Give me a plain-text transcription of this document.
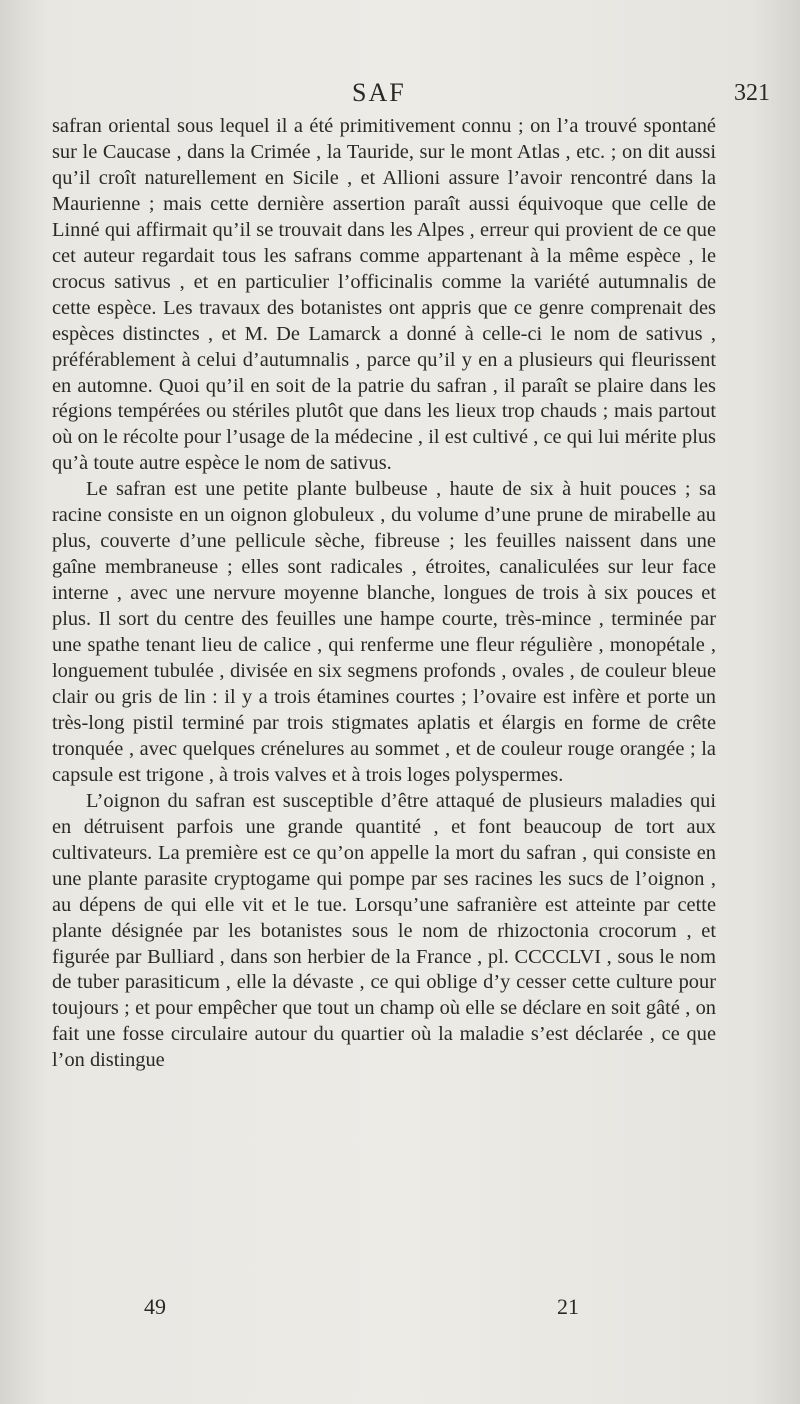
SAF	321

safran oriental sous lequel il a été primitivement connu ; on l’a trouvé spontané sur le Caucase , dans la Crimée , la Tauride, sur le mont Atlas , etc. ; on dit aussi qu’il croît naturellement en Sicile , et Allioni assure l’avoir rencontré dans la Maurienne ; mais cette dernière assertion paraît aussi équivoque que celle de Linné qui affirmait qu’il se trouvait dans les Alpes , erreur qui provient de ce que cet auteur regardait tous les safrans comme appartenant à la même espèce , le crocus sativus , et en particulier l’officinalis comme la variété autumnalis de cette espèce. Les travaux des botanistes ont appris que ce genre comprenait des espèces distinctes , et M. De Lamarck a donné à celle-ci le nom de sativus , préférablement à celui d’autumnalis , parce qu’il y en a plusieurs qui fleurissent en automne. Quoi qu’il en soit de la patrie du safran , il paraît se plaire dans les régions tempérées ou stériles plutôt que dans les lieux trop chauds ; mais partout où on le récolte pour l’usage de la médecine , il est cultivé , ce qui lui mérite plus qu’à toute autre espèce le nom de sativus.

Le safran est une petite plante bulbeuse , haute de six à huit pouces ; sa racine consiste en un oignon globuleux , du volume d’une prune de mirabelle au plus, couverte d’une pellicule sèche, fibreuse ; les feuilles naissent dans une gaîne membraneuse ; elles sont radicales , étroites, canaliculées sur leur face interne , avec une nervure moyenne blanche, longues de trois à six pouces et plus. Il sort du centre des feuilles une hampe courte, très-mince , terminée par une spathe tenant lieu de calice , qui renferme une fleur régulière , monopétale , longuement tubulée , divisée en six segmens profonds , ovales , de couleur bleue clair ou gris de lin : il y a trois étamines courtes ; l’ovaire est infère et porte un très-long pistil terminé par trois stigmates aplatis et élargis en forme de crête tronquée , avec quelques crénelures au sommet , et de couleur rouge orangée ; la capsule est trigone , à trois valves et à trois loges polyspermes.

L’oignon du safran est susceptible d’être attaqué de plusieurs maladies qui en détruisent parfois une grande quantité , et font beaucoup de tort aux cultivateurs. La première est ce qu’on appelle la mort du safran , qui consiste en une plante parasite cryptogame qui pompe par ses racines les sucs de l’oignon , au dépens de qui elle vit et le tue. Lorsqu’une safranière est atteinte par cette plante désignée par les botanistes sous le nom de rhizoctonia crocorum , et figurée par Bulliard , dans son herbier de la France , pl. CCCCLVI , sous le nom de tuber parasiticum , elle la dévaste , ce qui oblige d’y cesser cette culture pour toujours ; et pour empêcher que tout un champ où elle se déclare en soit gâté , on fait une fosse circulaire autour du quartier où la maladie s’est déclarée , ce que l’on distingue

49	21
